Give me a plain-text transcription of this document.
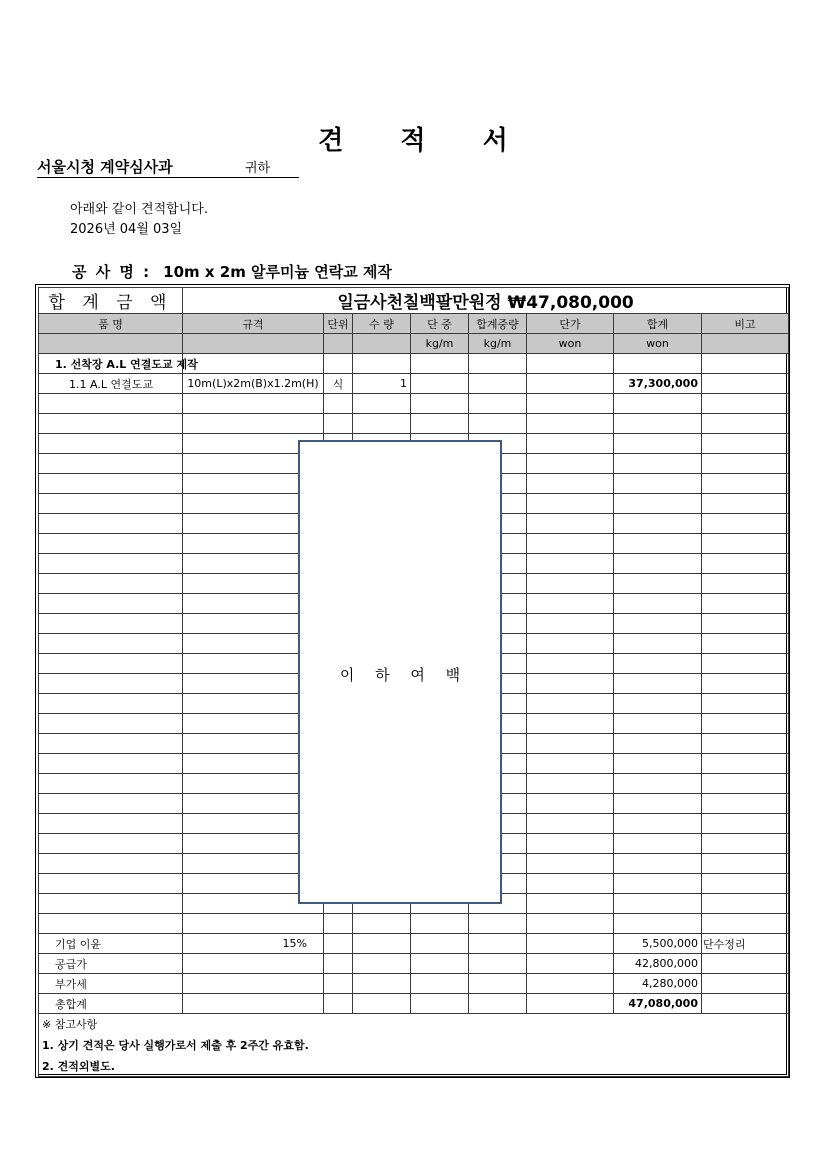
견 적 서
서울시청 계약심사과	귀하
아래와 같이 견적합니다.
2026년 04월 03일
공 사 명 : 10m x 2m 알루미늄 연락교 제작
합 계 금 액	일금사천칠백팔만원정 ₩47,080,000							
품 명	규격	단위	수 량	단 중	합계중량	단가	합계	비고
				kg/m	kg/m	won	won	
1. 선착장 A.L 연결도교 제작								
1.1 A.L 연결도교	10m(L)x2m(B)x1.2m(H)	식	1				37,300,000	

기업 이윤	15%						5,500,000	단수정리
공급가							42,800,000	
부가세							4,280,000	
총합계							47,080,000	
※ 참고사항								
1. 상기 견적은 당사 실행가로서 제출 후 2주간 유효함.								
2. 견적외별도.								
이 하 여 백
